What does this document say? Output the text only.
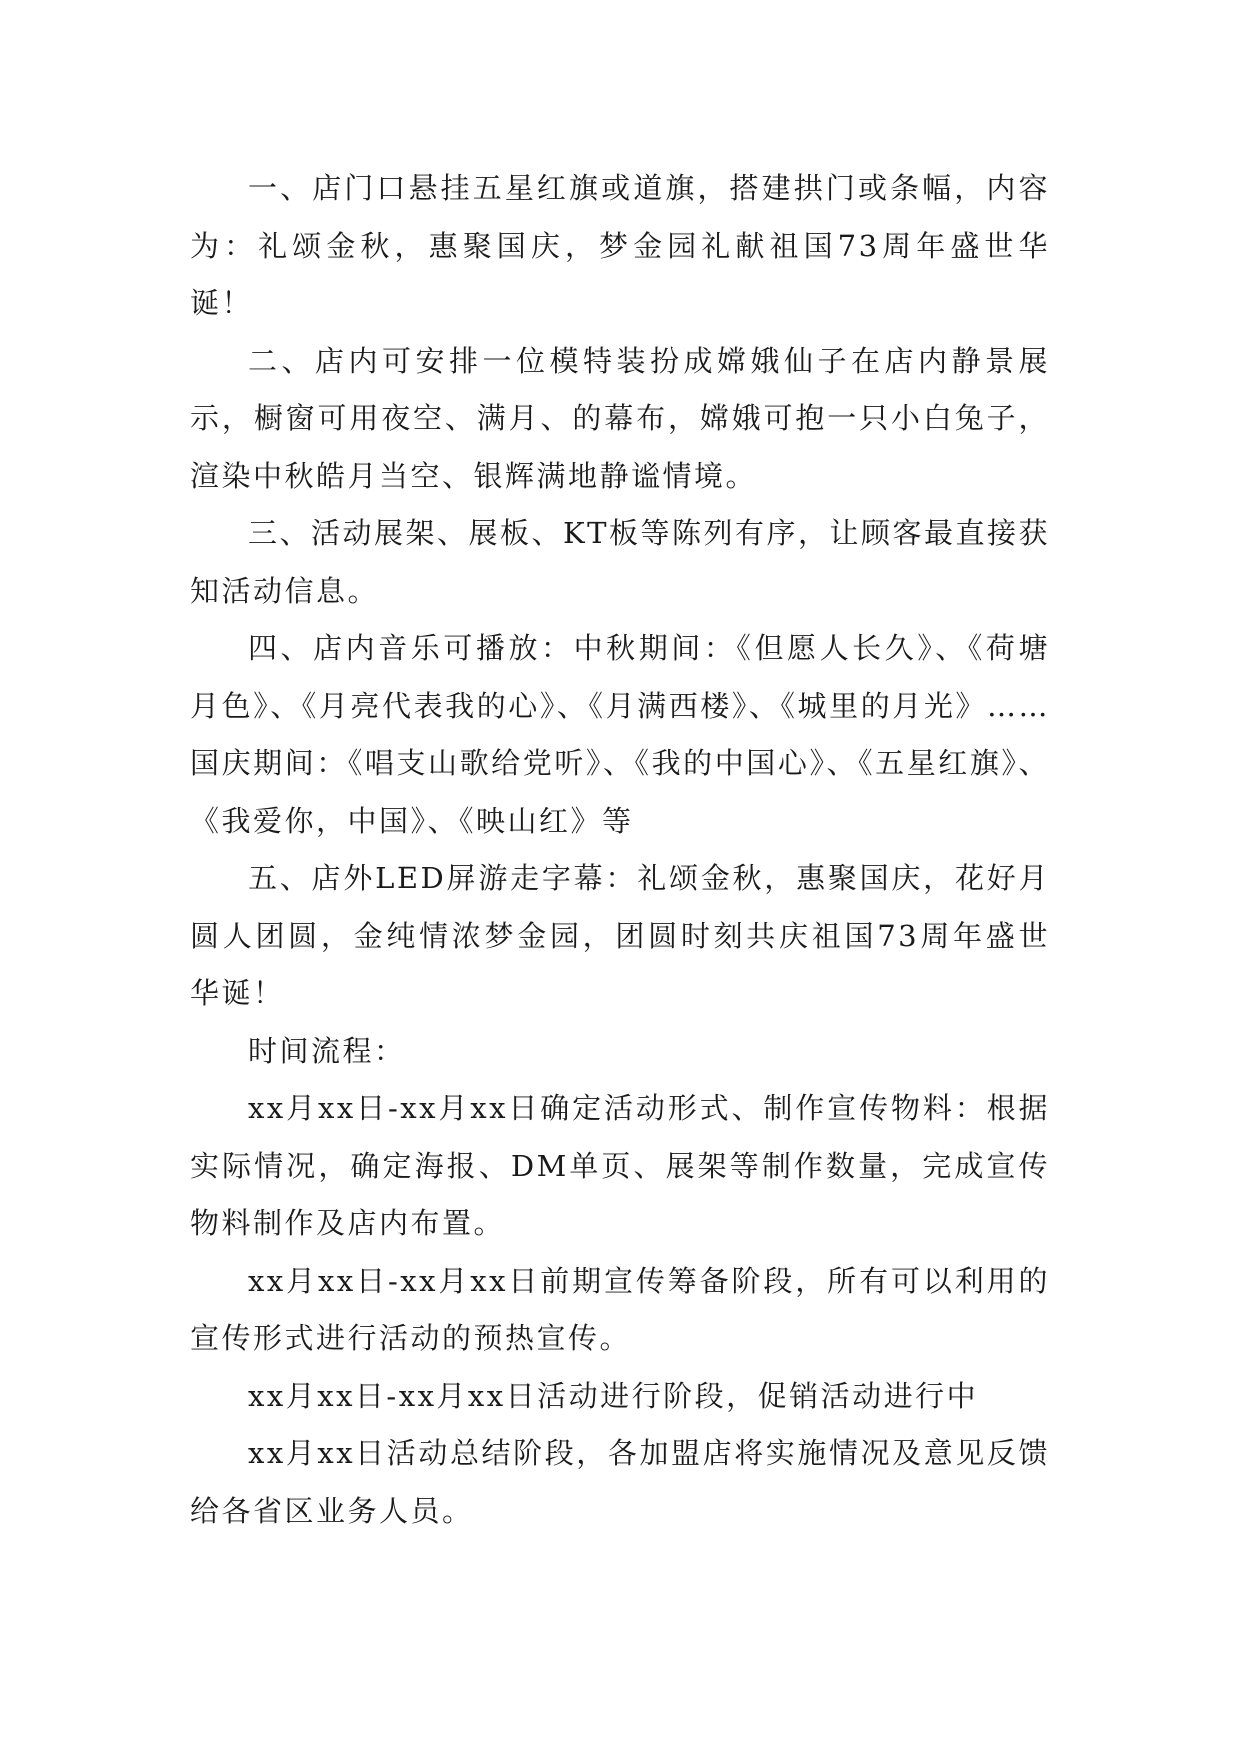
一、店门口悬挂五星红旗或道旗，搭建拱门或条幅，内容为：礼颂金秋，惠聚国庆，梦金园礼献祖国73周年盛世华诞！

二、店内可安排一位模特装扮成嫦娥仙子在店内静景展示，橱窗可用夜空、满月、的幕布，嫦娥可抱一只小白兔子，渲染中秋皓月当空、银辉满地静谧情境。

三、活动展架、展板、KT板等陈列有序，让顾客最直接获知活动信息。

四、店内音乐可播放：中秋期间：《但愿人长久》、《荷塘月色》、《月亮代表我的心》、《月满西楼》、《城里的月光》……国庆期间：《唱支山歌给党听》、《我的中国心》、《五星红旗》、《我爱你，中国》、《映山红》等

五、店外LED屏游走字幕：礼颂金秋，惠聚国庆，花好月圆人团圆，金纯情浓梦金园，团圆时刻共庆祖国73周年盛世华诞！

时间流程：

xx月xx日-xx月xx日确定活动形式、制作宣传物料：根据实际情况，确定海报、DM单页、展架等制作数量，完成宣传物料制作及店内布置。

xx月xx日-xx月xx日前期宣传筹备阶段，所有可以利用的宣传形式进行活动的预热宣传。

xx月xx日-xx月xx日活动进行阶段，促销活动进行中

xx月xx日活动总结阶段，各加盟店将实施情况及意见反馈给各省区业务人员。
